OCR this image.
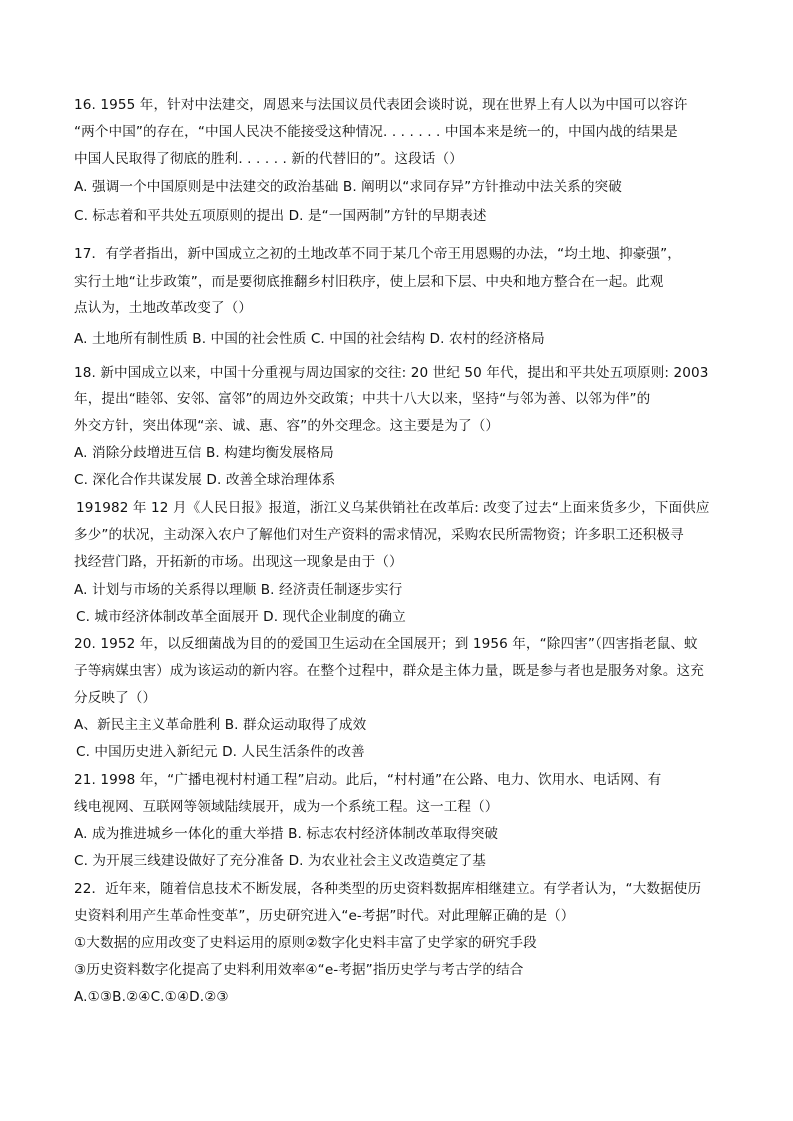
16. 1955 年，针对中法建交，周恩来与法国议员代表团会谈时说，现在世界上有人以为中国可以容许
“两个中国”的存在，“中国人民决不能接受这种情况. . . . . . . 中国本来是统一的，中国内战的结果是
中国人民取得了彻底的胜利. . . . . . 新的代替旧的”。这段话（）
A. 强调一个中国原则是中法建交的政治基础 B. 阐明以“求同存异”方针推动中法关系的突破
C. 标志着和平共处五项原则的提出 D. 是“一国两制”方针的早期表述
17．有学者指出，新中国成立之初的土地改革不同于某几个帝王用恩赐的办法，“均土地、抑豪强”，
实行土地“让步政策”，而是要彻底推翻乡村旧秩序，使上层和下层、中央和地方整合在一起。此观
点认为，土地改革改变了（）
A. 土地所有制性质 B. 中国的社会性质 C. 中国的社会结构 D. 农村的经济格局
18. 新中国成立以来，中国十分重视与周边国家的交往: 20 世纪 50 年代，提出和平共处五项原则: 2003
年，提出“睦邻、安邻、富邻”的周边外交政策；中共十八大以来，坚持“与邻为善、以邻为伴”的
外交方针，突出体现“亲、诚、惠、容”的外交理念。这主要是为了（）
A. 消除分歧增进互信 B. 构建均衡发展格局
C. 深化合作共谋发展 D. 改善全球治理体系
191982 年 12 月《人民日报》报道，浙江义乌某供销社在改革后: 改变了过去“上面来货多少，下面供应
多少”的状况，主动深入农户了解他们对生产资料的需求情况，采购农民所需物资；许多职工还积极寻
找经营门路，开拓新的市场。出现这一现象是由于（）
A. 计划与市场的关系得以理顺 B. 经济责任制逐步实行
C. 城市经济体制改革全面展开 D. 现代企业制度的确立
20. 1952 年，以反细菌战为目的的爱国卫生运动在全国展开；到 1956 年，“除四害”（四害指老鼠、蚊
子等病媒虫害）成为该运动的新内容。在整个过程中，群众是主体力量，既是参与者也是服务对象。这充
分反映了（）
A、新民主主义革命胜利 B. 群众运动取得了成效
C. 中国历史进入新纪元 D. 人民生活条件的改善
21. 1998 年，“广播电视村村通工程”启动。此后，“村村通”在公路、电力、饮用水、电话网、有
线电视网、互联网等领域陆续展开，成为一个系统工程。这一工程（）
A. 成为推进城乡一体化的重大举措 B. 标志农村经济体制改革取得突破
C. 为开展三线建设做好了充分准备 D. 为农业社会主义改造奠定了基
22．近年来，随着信息技术不断发展，各种类型的历史资料数据库相继建立。有学者认为，“大数据使历
史资料利用产生革命性变革”，历史研究进入“e-考据”时代。对此理解正确的是（）
①大数据的应用改变了史料运用的原则②数字化史料丰富了史学家的研究手段
③历史资料数字化提高了史料利用效率④“e-考据”指历史学与考古学的结合
A.①③B.②④C.①④D.②③
